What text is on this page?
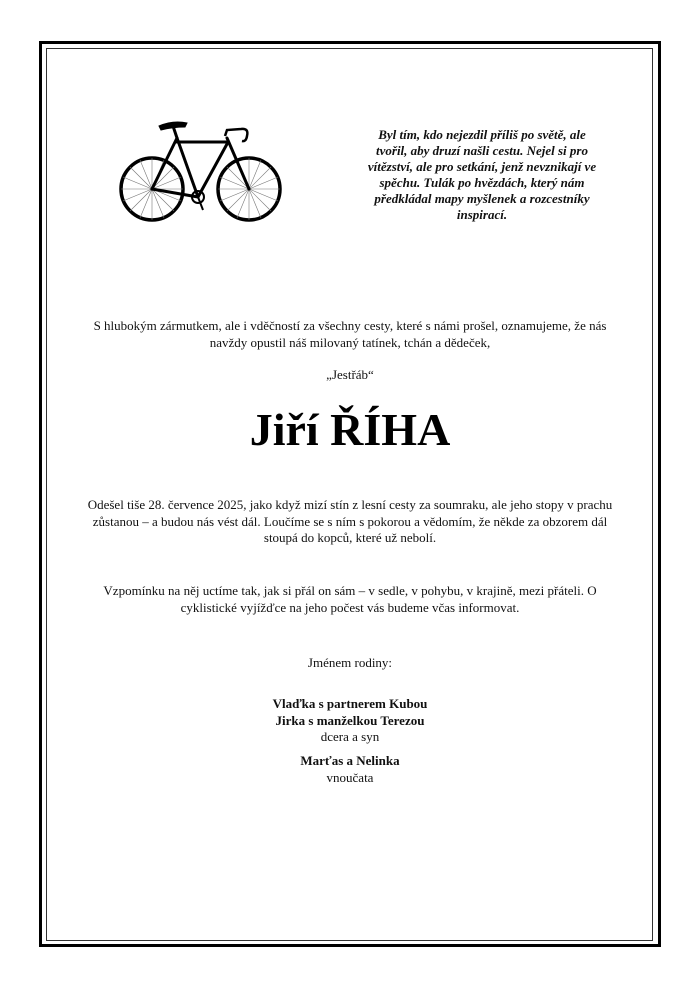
Byl tím, kdo nejezdil příliš po světě, ale tvořil, aby druzí našli cestu. Nejel si pro vítězství, ale pro setkání, jenž nevznikají ve spěchu. Tulák po hvězdách, který nám předkládal mapy myšlenek a rozcestníky inspirací.
S hlubokým zármutkem, ale i vděčností za všechny cesty, které s námi prošel, oznamujeme, že nás navždy opustil náš milovaný tatínek, tchán a dědeček,
„Jestřáb“
Jiří ŘÍHA
Odešel tiše 28. července 2025, jako když mizí stín z lesní cesty za soumraku, ale jeho stopy v prachu zůstanou – a budou nás vést dál. Loučíme se s ním s pokorou a vědomím, že někde za obzorem dál stoupá do kopců, které už nebolí.
Vzpomínku na něj uctíme tak, jak si přál on sám – v sedle, v pohybu, v krajině, mezi přáteli. O cyklistické vyjížďce na jeho počest vás budeme včas informovat.
Jménem rodiny:
Vlaďka s partnerem Kubou
Jirka s manželkou Terezou
dcera a syn
Marťas a Nelinka
vnoučata
